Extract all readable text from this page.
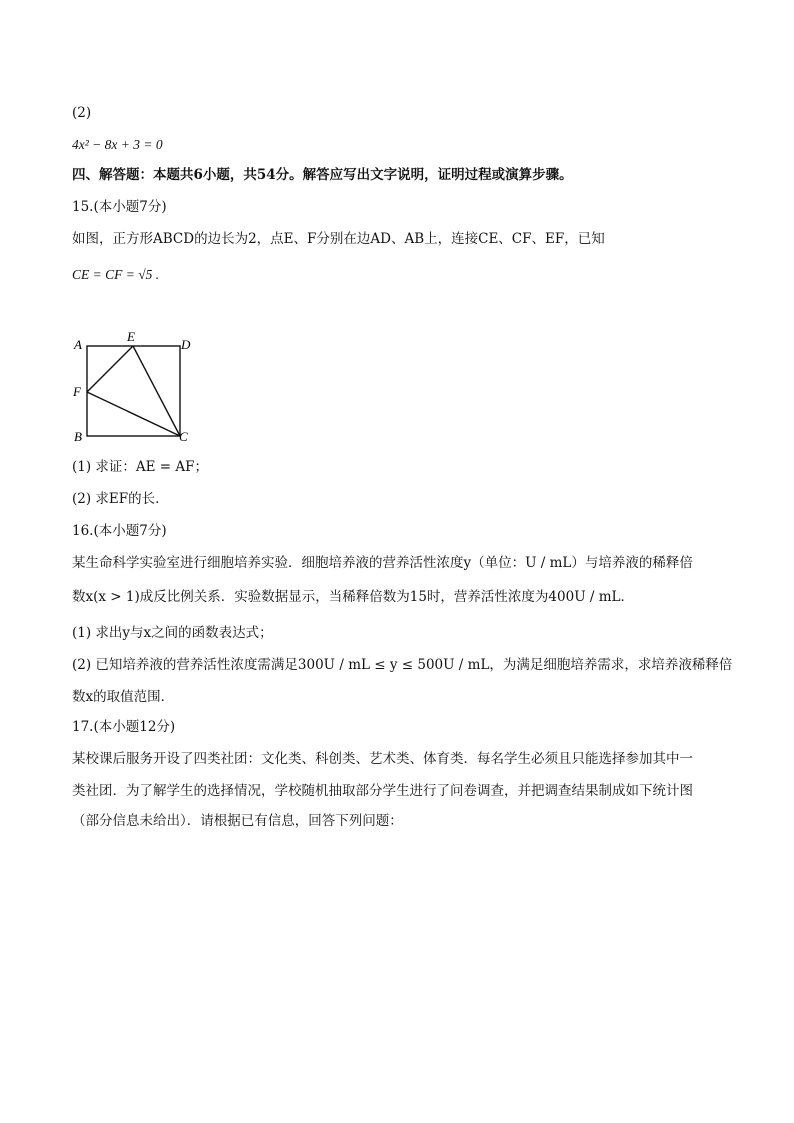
(2)
4x² − 8x + 3 = 0
四、解答题：本题共6小题，共54分。解答应写出文字说明，证明过程或演算步骤。
15.(本小题7分)
如图，正方形ABCD的边长为2，点E、F分别在边AD、AB上，连接CE、CF、EF，已知
CE = CF = √5 .
A
E
D
F
B	C
(1) 求证：AE = AF；
(2) 求EF的长．
16.(本小题7分)
某生命科学实验室进行细胞培养实验．细胞培养液的营养活性浓度y（单位：U / mL）与培养液的稀释倍
数x(x > 1)成反比例关系．实验数据显示，当稀释倍数为15时，营养活性浓度为400U / mL．
(1) 求出y与x之间的函数表达式；
(2) 已知培养液的营养活性浓度需满足300U / mL ≤ y ≤ 500U / mL，为满足细胞培养需求，求培养液稀释倍
数x的取值范围．
17.(本小题12分)
某校课后服务开设了四类社团：文化类、科创类、艺术类、体育类．每名学生必须且只能选择参加其中一
类社团．为了解学生的选择情况，学校随机抽取部分学生进行了问卷调查，并把调查结果制成如下统计图
（部分信息未给出）．请根据已有信息，回答下列问题：
